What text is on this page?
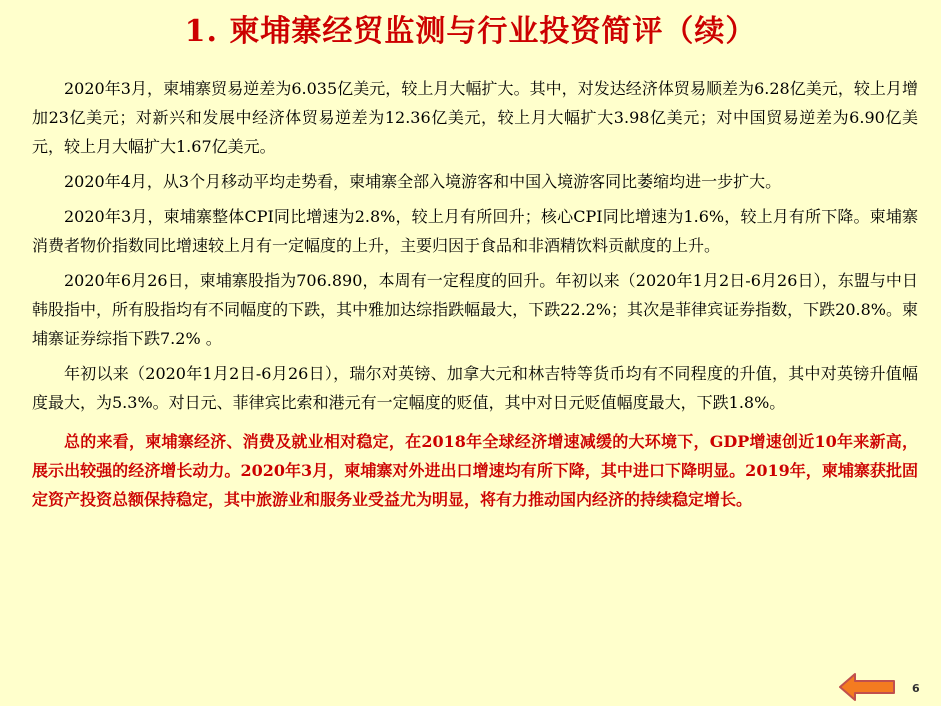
1. 柬埔寨经贸监测与行业投资简评（续）

2020年3月，柬埔寨贸易逆差为6.035亿美元，较上月大幅扩大。其中，对发达经济体贸易顺差为6.28亿美元，较上月增加23亿美元；对新兴和发展中经济体贸易逆差为12.36亿美元，较上月大幅扩大3.98亿美元；对中国贸易逆差为6.90亿美元，较上月大幅扩大1.67亿美元。

2020年4月，从3个月移动平均走势看，柬埔寨全部入境游客和中国入境游客同比萎缩均进一步扩大。

2020年3月，柬埔寨整体CPI同比增速为2.8%，较上月有所回升；核心CPI同比增速为1.6%，较上月有所下降。柬埔寨消费者物价指数同比增速较上月有一定幅度的上升，主要归因于食品和非酒精饮料贡献度的上升。

2020年6月26日，柬埔寨股指为706.890，本周有一定程度的回升。年初以来（2020年1月2日-6月26日），东盟与中日韩股指中，所有股指均有不同幅度的下跌，其中雅加达综指跌幅最大，下跌22.2%；其次是菲律宾证券指数，下跌20.8%。柬埔寨证券综指下跌7.2% 。

年初以来（2020年1月2日-6月26日），瑞尔对英镑、加拿大元和林吉特等货币均有不同程度的升值，其中对英镑升值幅度最大，为5.3%。对日元、菲律宾比索和港元有一定幅度的贬值，其中对日元贬值幅度最大，下跌1.8%。

总的来看，柬埔寨经济、消费及就业相对稳定，在2018年全球经济增速减缓的大环境下，GDP增速创近10年来新高，展示出较强的经济增长动力。2020年3月，柬埔寨对外进出口增速均有所下降，其中进口下降明显。2019年，柬埔寨获批固定资产投资总额保持稳定，其中旅游业和服务业受益尤为明显，将有力推动国内经济的持续稳定增长。

6
